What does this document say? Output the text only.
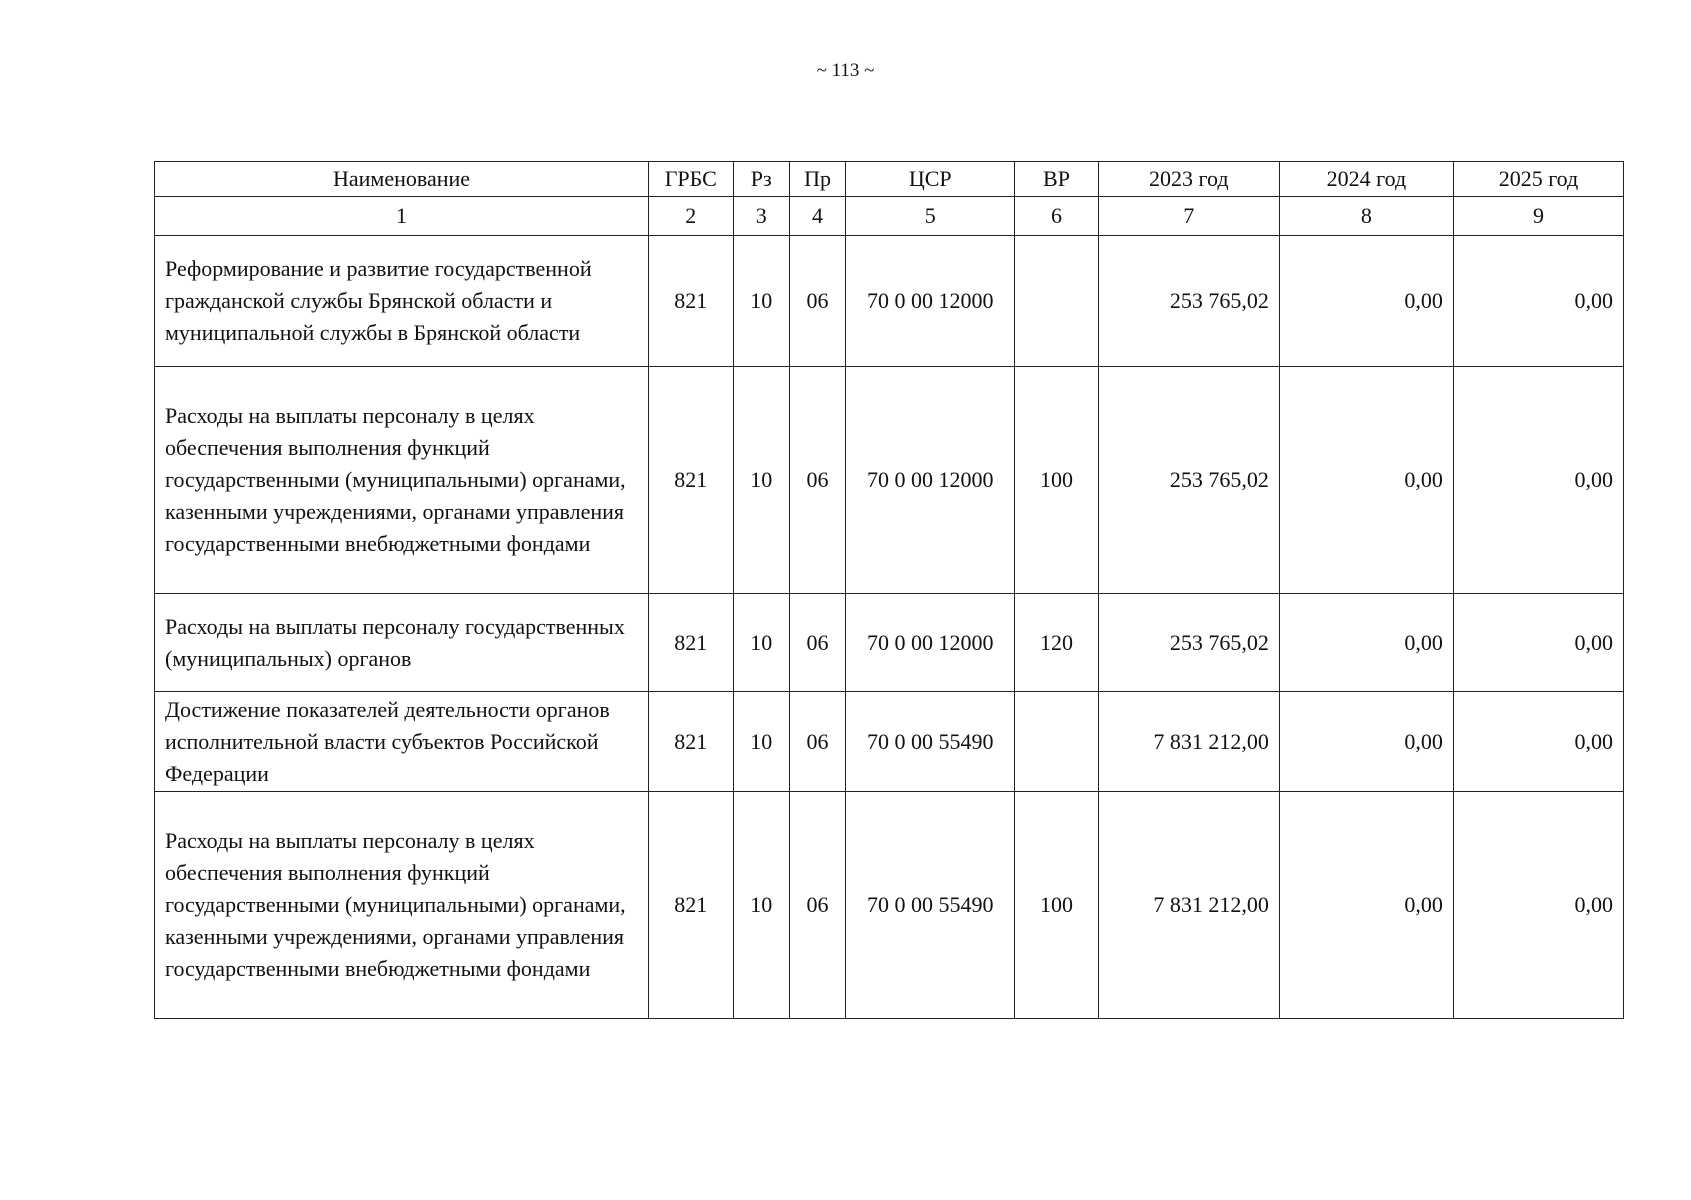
~ 113 ~
Наименование	ГРБС	Рз	Пр	ЦСР	ВР	2023 год	2024 год	2025 год
1	2	3	4	5	6	7	8	9
Реформирование и развитие государственной гражданской службы Брянской области и муниципальной службы в Брянской области	821	10	06	70 0 00 12000		253 765,02	0,00	0,00
Расходы на выплаты персоналу в целях обеспечения выполнения функций государственными (муниципальными) органами, казенными учреждениями, органами управления государственными внебюджетными фондами	821	10	06	70 0 00 12000	100	253 765,02	0,00	0,00
Расходы на выплаты персоналу государственных (муниципальных) органов	821	10	06	70 0 00 12000	120	253 765,02	0,00	0,00
Достижение показателей деятельности органов исполнительной власти субъектов Российской Федерации	821	10	06	70 0 00 55490		7 831 212,00	0,00	0,00
Расходы на выплаты персоналу в целях обеспечения выполнения функций государственными (муниципальными) органами, казенными учреждениями, органами управления государственными внебюджетными фондами	821	10	06	70 0 00 55490	100	7 831 212,00	0,00	0,00
